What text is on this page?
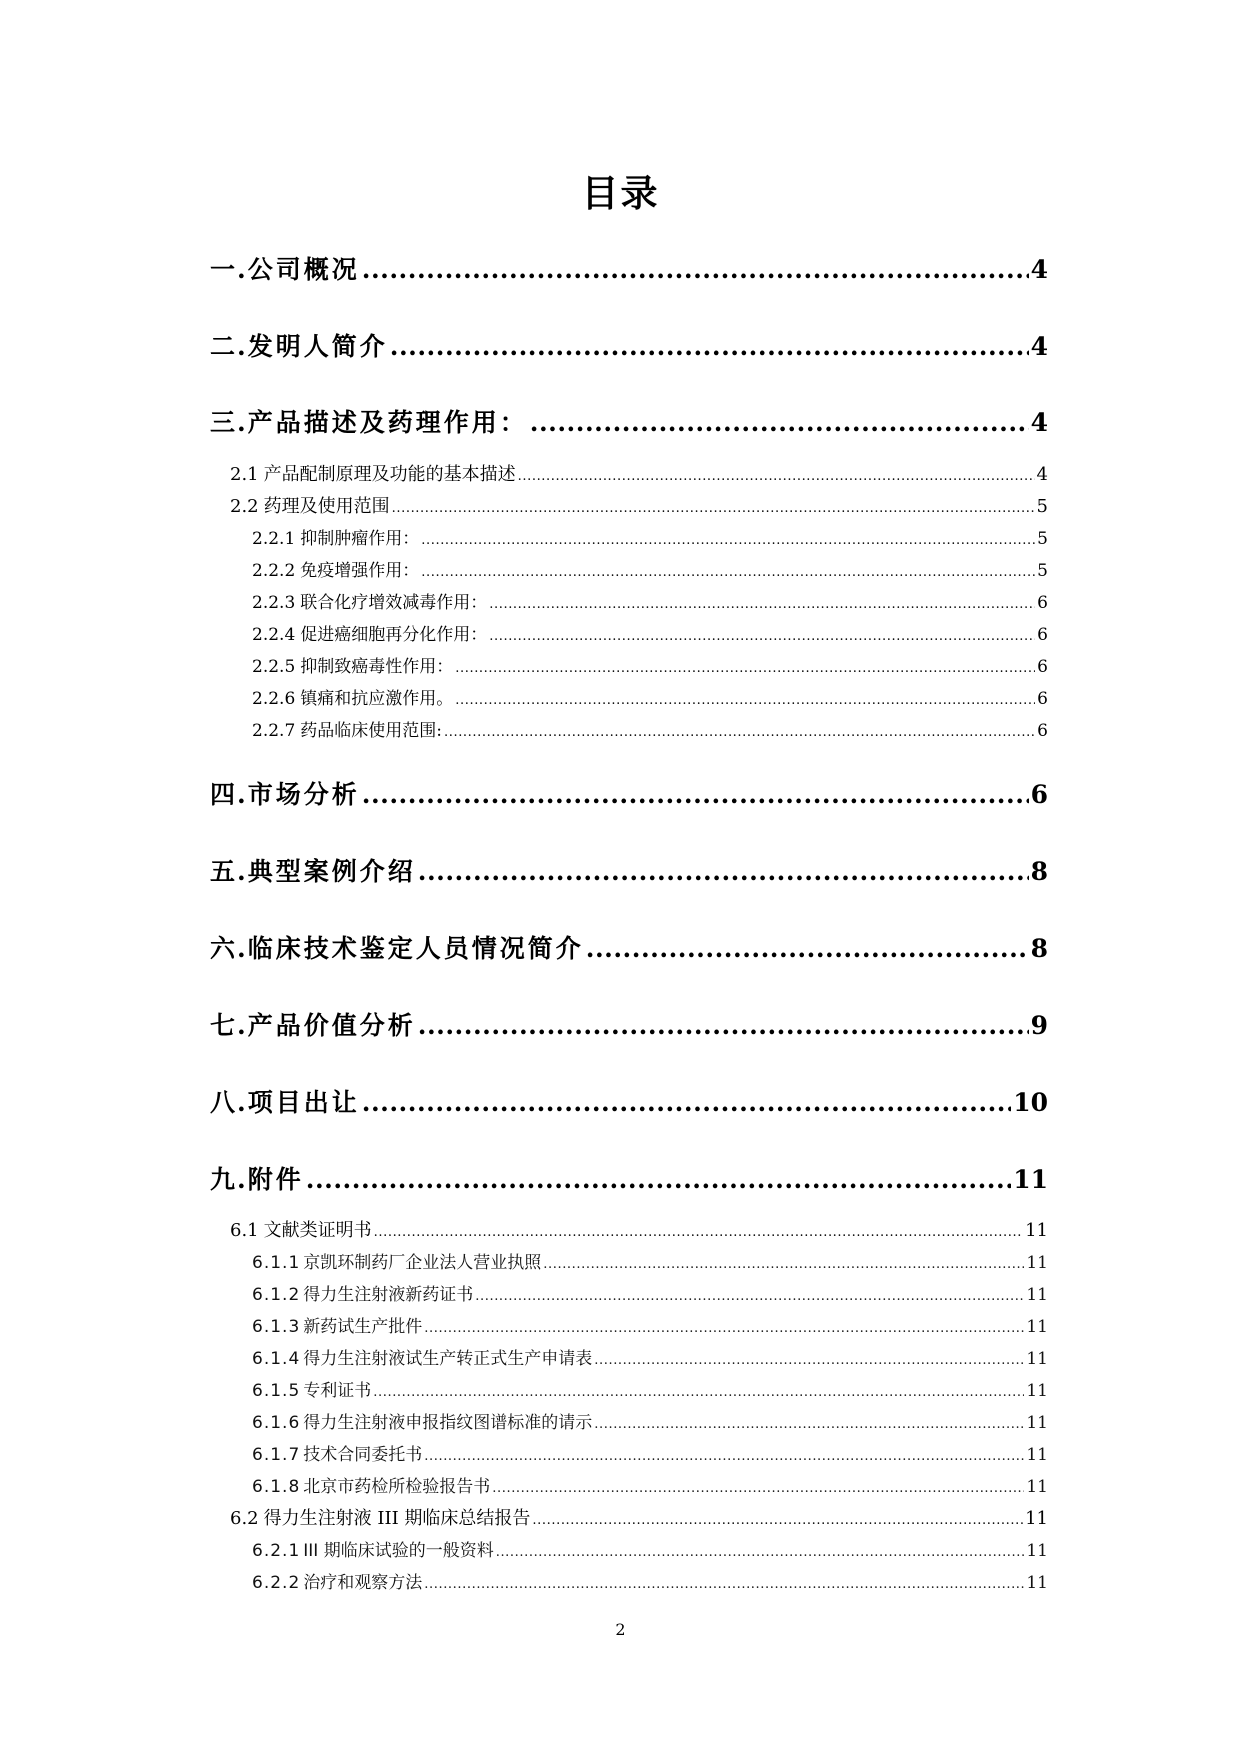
目录
一. 公司概况 .....	4
二. 发明人简介 .....	4
三. 产品描述及药理作用： .....	4
2.1 产品配制原理及功能的基本描述 .....	4
2.2 药理及使用范围 .....	5
2.2.1 抑制肿瘤作用： .....	5
2.2.2 免疫增强作用： .....	5
2.2.3 联合化疗增效减毒作用： .....	6
2.2.4 促进癌细胞再分化作用： .....	6
2.2.5 抑制致癌毒性作用： .....	6
2.2.6 镇痛和抗应激作用。 .....	6
2.2.7 药品临床使用范围: .....	6
四. 市场分析 .....	6
五. 典型案例介绍 .....	8
六. 临床技术鉴定人员情况简介 .....	8
七. 产品价值分析 .....	9
八. 项目出让 .....	10
九. 附件 .....	11
6.1 文献类证明书 .....	11
6.1.1 京凯环制药厂企业法人营业执照 .....	11
6.1.2 得力生注射液新药证书 .....	11
6.1.3 新药试生产批件 .....	11
6.1.4 得力生注射液试生产转正式生产申请表 .....	11
6.1.5 专利证书 .....	11
6.1.6 得力生注射液申报指纹图谱标准的请示 .....	11
6.1.7 技术合同委托书 .....	11
6.1.8 北京市药检所检验报告书 .....	11
6.2 得力生注射液 III 期临床总结报告 .....	11
6.2.1 III 期临床试验的一般资料 .....	11
6.2.2 治疗和观察方法 .....	11
2
